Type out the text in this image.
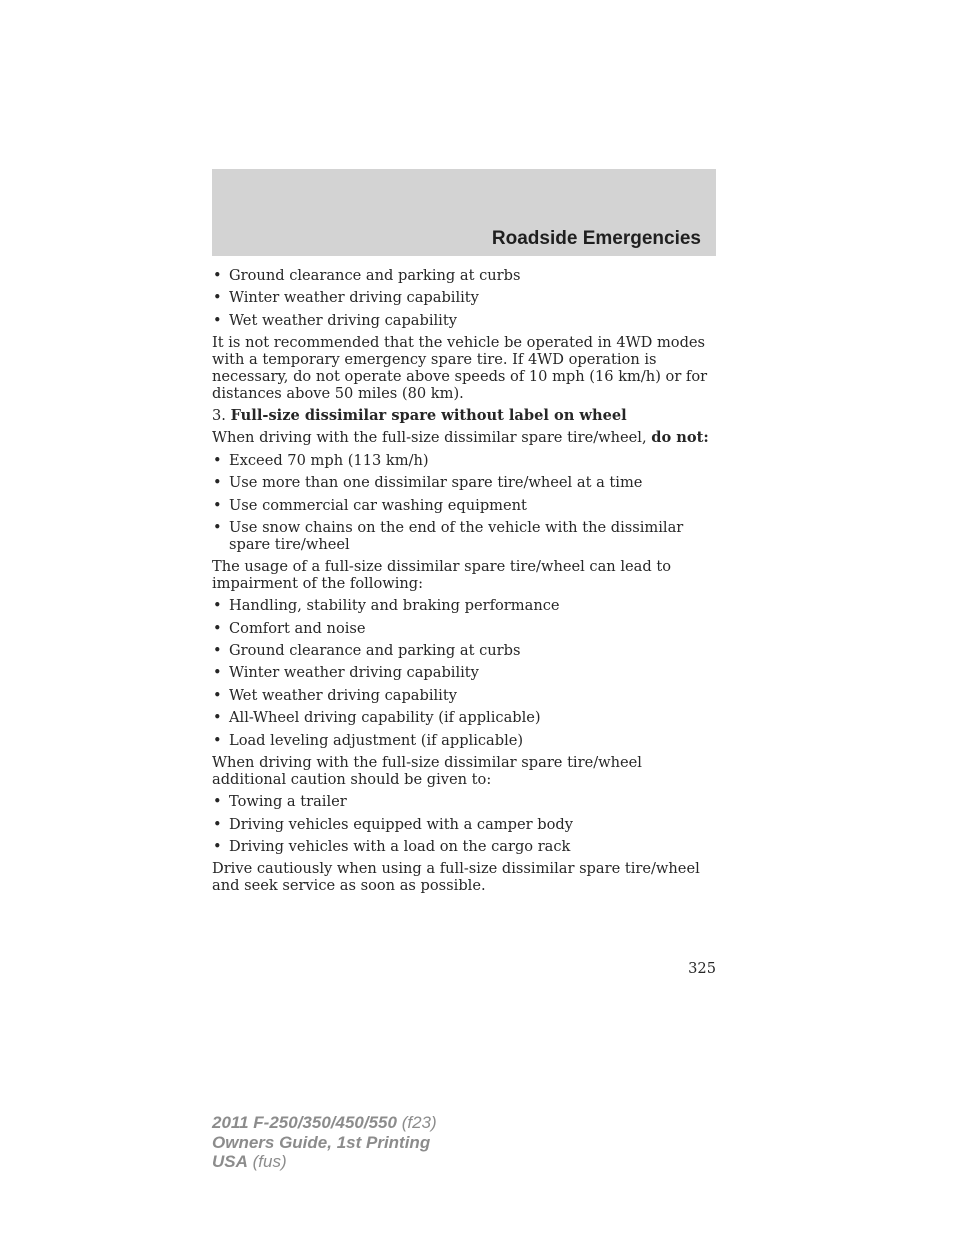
Roadside Emergencies
• Ground clearance and parking at curbs
• Winter weather driving capability
• Wet weather driving capability

It is not recommended that the vehicle be operated in 4WD modes with a temporary emergency spare tire. If 4WD operation is necessary, do not operate above speeds of 10 mph (16 km/h) or for distances above 50 miles (80 km).

3. Full-size dissimilar spare without label on wheel

When driving with the full-size dissimilar spare tire/wheel, do not:

• Exceed 70 mph (113 km/h)
• Use more than one dissimilar spare tire/wheel at a time
• Use commercial car washing equipment
• Use snow chains on the end of the vehicle with the dissimilar spare tire/wheel

The usage of a full-size dissimilar spare tire/wheel can lead to impairment of the following:

• Handling, stability and braking performance
• Comfort and noise
• Ground clearance and parking at curbs
• Winter weather driving capability
• Wet weather driving capability
• All-Wheel driving capability (if applicable)
• Load leveling adjustment (if applicable)

When driving with the full-size dissimilar spare tire/wheel additional caution should be given to:

• Towing a trailer
• Driving vehicles equipped with a camper body
• Driving vehicles with a load on the cargo rack

Drive cautiously when using a full-size dissimilar spare tire/wheel and seek service as soon as possible.

325
2011 F-250/350/450/550 (f23)
Owners Guide, 1st Printing
USA (fus)
